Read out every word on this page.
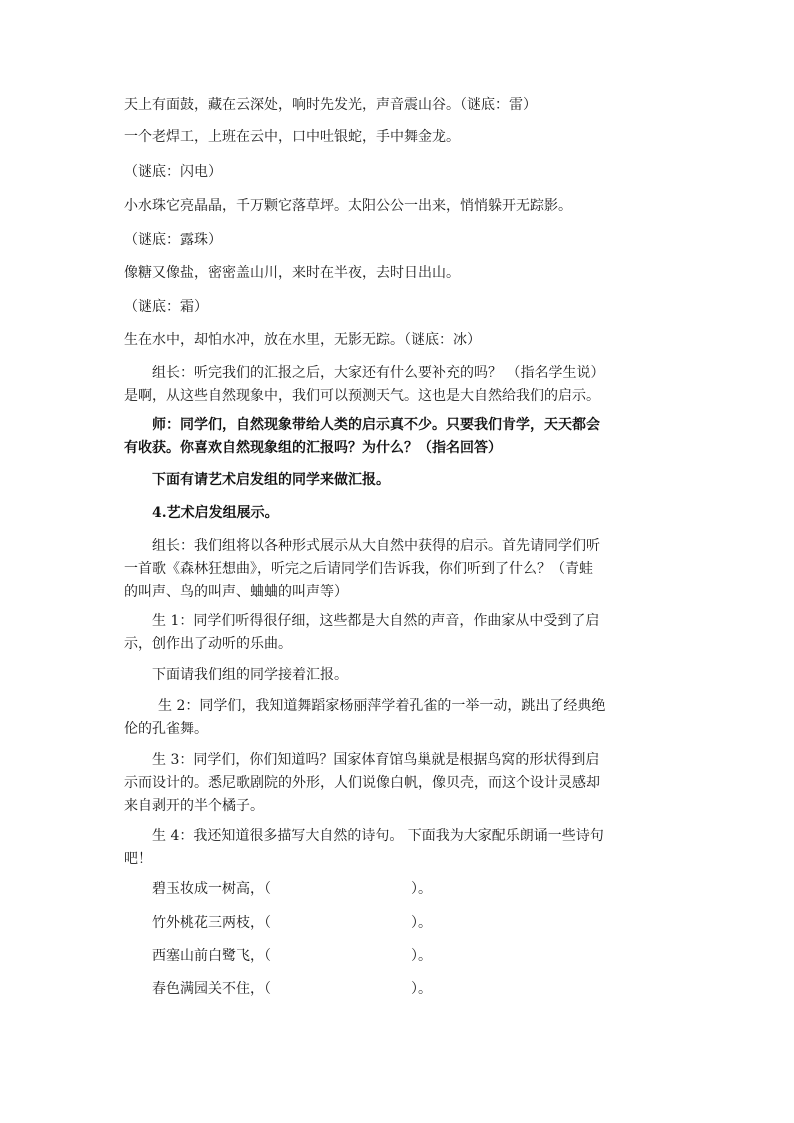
天上有面鼓，藏在云深处，响时先发光，声音震山谷。（谜底：雷）
一个老焊工，上班在云中，口中吐银蛇，手中舞金龙。
（谜底：闪电）
小水珠它亮晶晶，千万颗它落草坪。太阳公公一出来，悄悄躲开无踪影。
（谜底：露珠）
像糖又像盐，密密盖山川，来时在半夜，去时日出山。
（谜底：霜）
生在水中，却怕水冲，放在水里，无影无踪。（谜底：冰）
组长：听完我们的汇报之后，大家还有什么要补充的吗？ （指名学生说）
是啊，从这些自然现象中，我们可以预测天气。这也是大自然给我们的启示。
师：同学们，自然现象带给人类的启示真不少。只要我们肯学，天天都会
有收获。你喜欢自然现象组的汇报吗？为什么？（指名回答）
下面有请艺术启发组的同学来做汇报。
4.艺术启发组展示。
组长：我们组将以各种形式展示从大自然中获得的启示。首先请同学们听
一首歌《森林狂想曲》，听完之后请同学们告诉我，你们听到了什么？（青蛙
的叫声、鸟的叫声、蛐蛐的叫声等）
生 1：同学们听得很仔细，这些都是大自然的声音，作曲家从中受到了启
示，创作出了动听的乐曲。
下面请我们组的同学接着汇报。
生 2：同学们，我知道舞蹈家杨丽萍学着孔雀的一举一动，跳出了经典绝
伦的孔雀舞。
生 3：同学们，你们知道吗？国家体育馆鸟巢就是根据鸟窝的形状得到启
示而设计的。悉尼歌剧院的外形，人们说像白帆，像贝壳，而这个设计灵感却
来自剥开的半个橘子。
生 4：我还知道很多描写大自然的诗句。 下面我为大家配乐朗诵一些诗句
吧！
碧玉妆成一树高，（	）。
竹外桃花三两枝，（	）。
西塞山前白鹭飞，（	）。
春色满园关不住，（	）。
